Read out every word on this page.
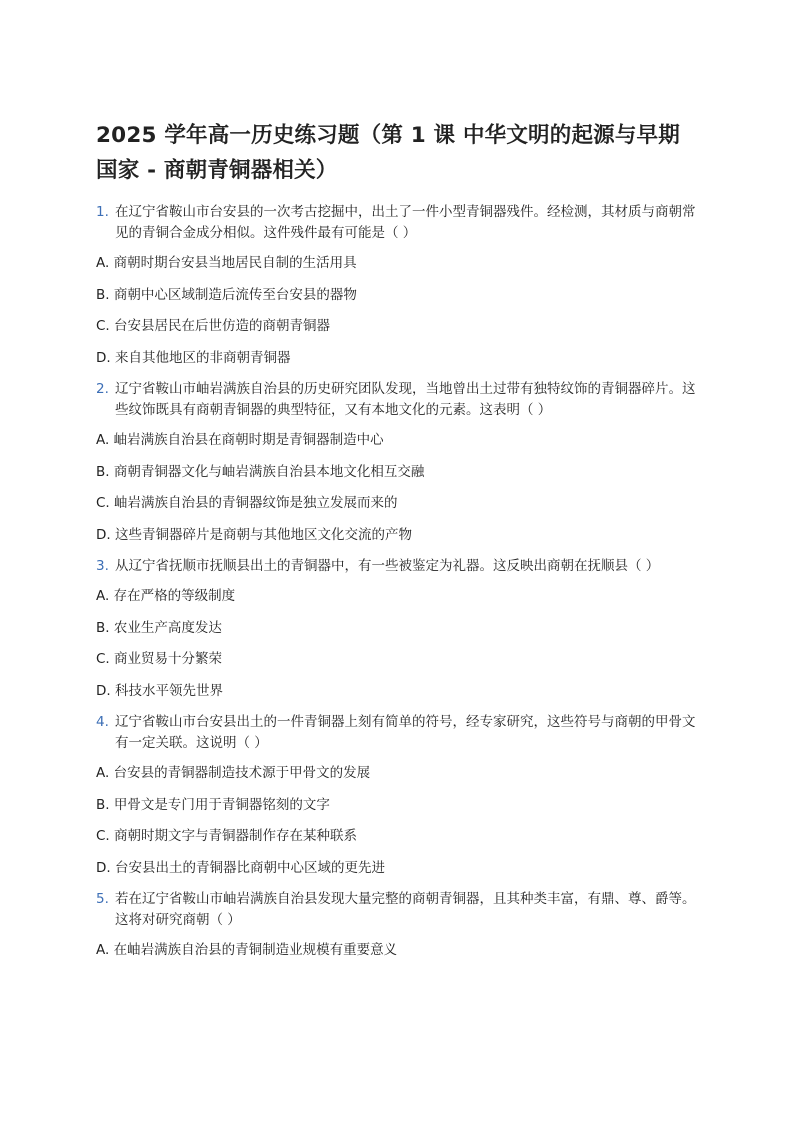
2025 学年高一历史练习题（第 1 课 中华文明的起源与早期国家 - 商朝青铜器相关）
1. 在辽宁省鞍山市台安县的一次考古挖掘中，出土了一件小型青铜器残件。经检测，其材质与商朝常见的青铜合金成分相似。这件残件最有可能是（ ）
A. 商朝时期台安县当地居民自制的生活用具
B. 商朝中心区域制造后流传至台安县的器物
C. 台安县居民在后世仿造的商朝青铜器
D. 来自其他地区的非商朝青铜器
2. 辽宁省鞍山市岫岩满族自治县的历史研究团队发现，当地曾出土过带有独特纹饰的青铜器碎片。这些纹饰既具有商朝青铜器的典型特征，又有本地文化的元素。这表明（ ）
A. 岫岩满族自治县在商朝时期是青铜器制造中心
B. 商朝青铜器文化与岫岩满族自治县本地文化相互交融
C. 岫岩满族自治县的青铜器纹饰是独立发展而来的
D. 这些青铜器碎片是商朝与其他地区文化交流的产物
3. 从辽宁省抚顺市抚顺县出土的青铜器中，有一些被鉴定为礼器。这反映出商朝在抚顺县（ ）
A. 存在严格的等级制度
B. 农业生产高度发达
C. 商业贸易十分繁荣
D. 科技水平领先世界
4. 辽宁省鞍山市台安县出土的一件青铜器上刻有简单的符号，经专家研究，这些符号与商朝的甲骨文有一定关联。这说明（ ）
A. 台安县的青铜器制造技术源于甲骨文的发展
B. 甲骨文是专门用于青铜器铭刻的文字
C. 商朝时期文字与青铜器制作存在某种联系
D. 台安县出土的青铜器比商朝中心区域的更先进
5. 若在辽宁省鞍山市岫岩满族自治县发现大量完整的商朝青铜器，且其种类丰富，有鼎、尊、爵等。这将对研究商朝（ ）
A. 在岫岩满族自治县的青铜制造业规模有重要意义
